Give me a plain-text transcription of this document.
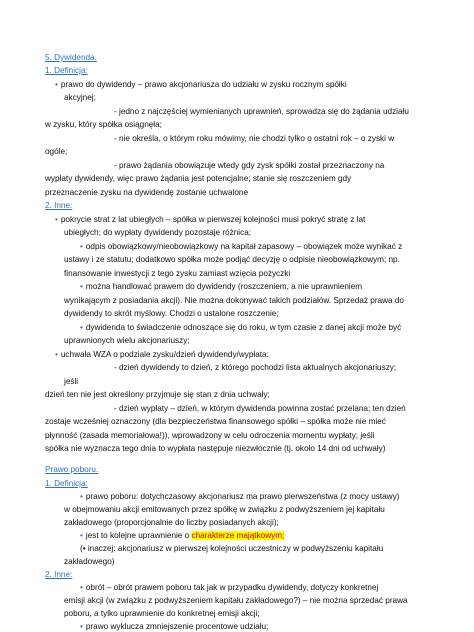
5. Dywidenda.
1. Definicja:
• prawo do dywidendy – prawo akcjonariusza do udziału w zysku rocznym spółki
akcyjnej;
- jedno z najczęściej wymienianych uprawnień, sprowadza się do żądania udziału
w zysku, który spółka osiągnęła;
- nie określa, o którym roku mówimy, nie chodzi tylko o ostatni rok – o zyski w
ogóle;
- prawo żądania obowiązuje wtedy gdy zysk spółki został przeznaczony na
wypłaty dywidendy, więc prawo żądania jest potencjalne; stanie się roszczeniem gdy
przeznaczenie zysku na dywidendę zostanie uchwalone
2. Inne:
• pokrycie strat z lat ubiegłych – spółka w pierwszej kolejności musi pokryć stratę z lat
ubiegłych; do wypłaty dywidendy pozostaje różnica;
• odpis obowiązkowy/nieobowiązkowy na kapitał zapasowy – obowiązek może wynikać z
ustawy i ze statutu; dodatkowo spółka może podjąć decyzję o odpisie nieobowiązkowym; np.
finansowanie inwestycji z tego zysku zamiast wzięcia pożyczki
• można handlować prawem do dywidendy (roszczeniem, a nie uprawnieniem
wynikającym z posiadania akcji). Nie można dokonywać takich podziałów. Sprzedaż prawa do
dywidendy to skrót myślowy. Chodzi o ustalone roszczenie;
• dywidenda to świadczenie odnoszące się do roku, w tym czasie z danej akcji może być
uprawnionych wielu akcjonariuszy;
• uchwała WZA o podziale zysku/dzień dywidendy/wypłata:
- dzień dywidendy to dzień, z którego pochodzi lista aktualnych akcjonariuszy;
jeśli
dzień ten nie jest określony przyjmuje się stan z dnia uchwały;
- dzień wypłaty – dzień, w którym dywidenda powinna zostać przelana; ten dzień
zostaje wcześniej oznaczony (dla bezpieczeństwa finansowego spółki – spółka może nie mieć
płynność (zasada memoriałowa!)), wprowadzony w celu odroczenia momentu wypłaty; jeśli
spółka nie wyznacza tego dnia to wypłata następuje niezwłocznie (tj. około 14 dni od uchwały)
Prawo poboru.
1. Definicja:
• prawo poboru: dotychczasowy akcjonariusz ma prawo pierwszeństwa (z mocy ustawy)
w obejmowaniu akcji emitowanych przez spółkę w związku z podwyższeniem jej kapitału
zakładowego (proporcjonalnie do liczby posiadanych akcji);
• jest to kolejne uprawnienie o charakterze majątkowym;
(• inaczej: akcjonariusz w pierwszej kolejności uczestniczy w podwyższeniu kapitału
zakładowego)
2. Inne:
• obrót – obrót prawem poboru tak jak w przypadku dywidendy, dotyczy konkretnej
emisji akcji (w związku z podwyższeniem kapitału zakładowego?) – nie można sprzedać prawa
poboru, a tylko uprawnienie do konkretnej emisji akcji;
• prawo wyklucza zmniejszenie procentowe udziału;
